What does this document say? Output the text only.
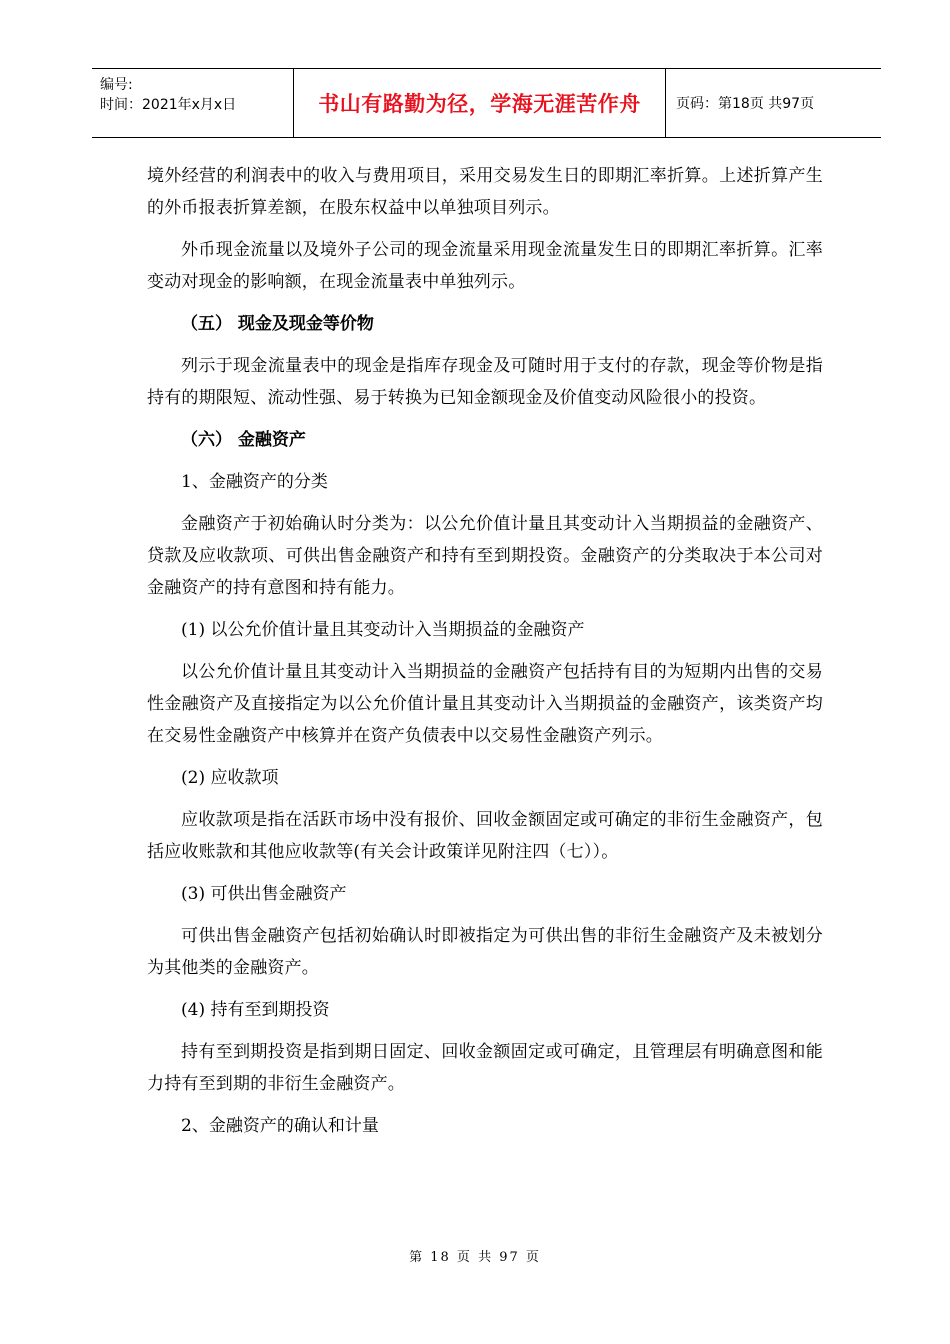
编号:
时间：2021年x月x日	书山有路勤为径，学海无涯苦作舟	页码：第18页 共97页

境外经营的利润表中的收入与费用项目，采用交易发生日的即期汇率折算。上述折算产生的外币报表折算差额，在股东权益中以单独项目列示。

外币现金流量以及境外子公司的现金流量采用现金流量发生日的即期汇率折算。汇率变动对现金的影响额，在现金流量表中单独列示。

（五） 现金及现金等价物

列示于现金流量表中的现金是指库存现金及可随时用于支付的存款，现金等价物是指持有的期限短、流动性强、易于转换为已知金额现金及价值变动风险很小的投资。

（六） 金融资产

1、金融资产的分类

金融资产于初始确认时分类为：以公允价值计量且其变动计入当期损益的金融资产、贷款及应收款项、可供出售金融资产和持有至到期投资。金融资产的分类取决于本公司对金融资产的持有意图和持有能力。

(1) 以公允价值计量且其变动计入当期损益的金融资产

以公允价值计量且其变动计入当期损益的金融资产包括持有目的为短期内出售的交易性金融资产及直接指定为以公允价值计量且其变动计入当期损益的金融资产，该类资产均在交易性金融资产中核算并在资产负债表中以交易性金融资产列示。

(2) 应收款项

应收款项是指在活跃市场中没有报价、回收金额固定或可确定的非衍生金融资产，包括应收账款和其他应收款等(有关会计政策详见附注四（七））。

(3) 可供出售金融资产

可供出售金融资产包括初始确认时即被指定为可供出售的非衍生金融资产及未被划分为其他类的金融资产。

(4) 持有至到期投资

持有至到期投资是指到期日固定、回收金额固定或可确定，且管理层有明确意图和能力持有至到期的非衍生金融资产。

2、金融资产的确认和计量

第 18 页 共 97 页
